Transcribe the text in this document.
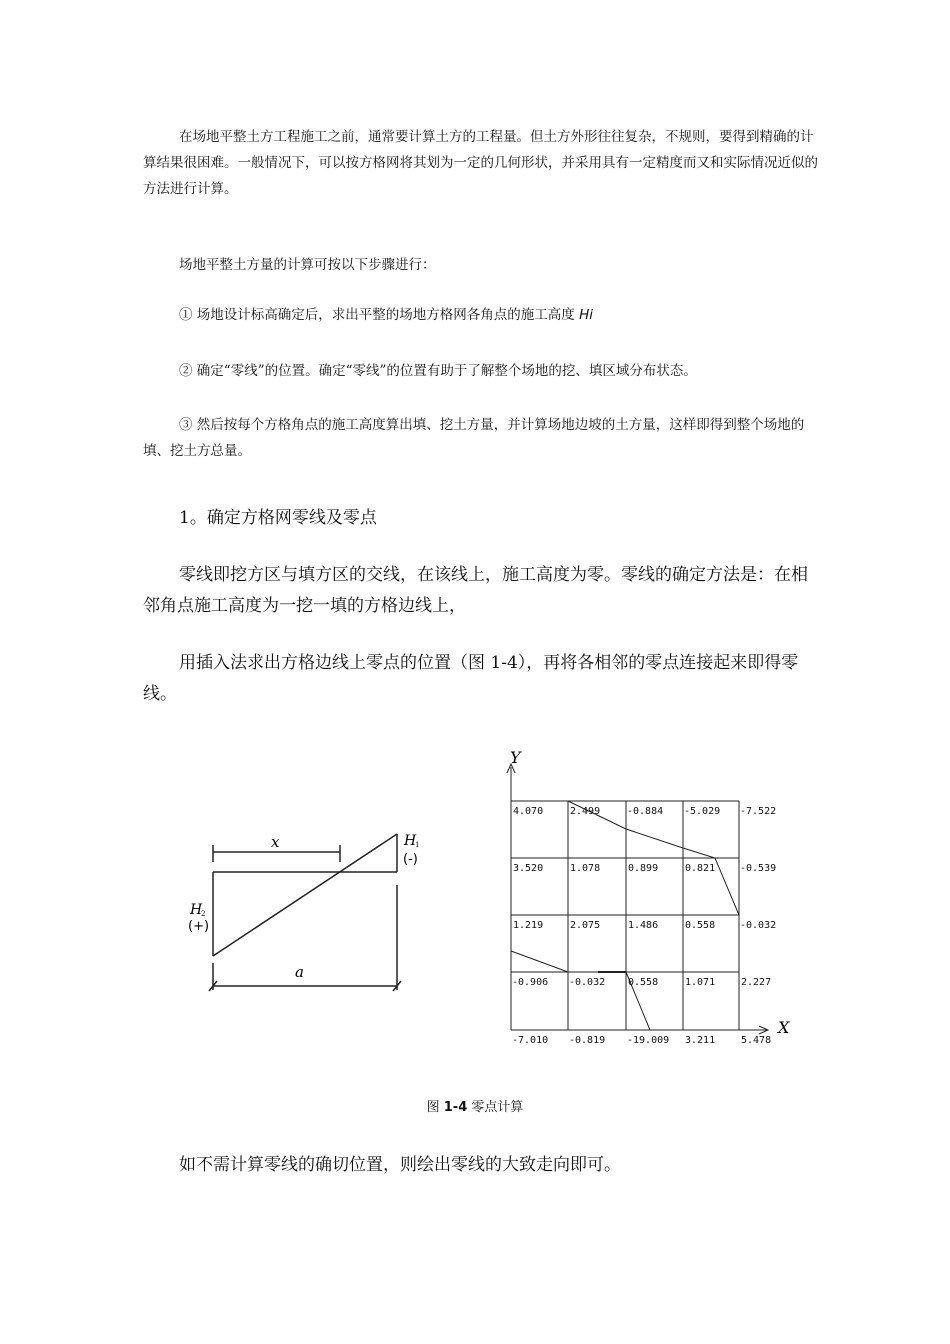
在场地平整土方工程施工之前，通常要计算土方的工程量。但土方外形往往复杂，不规则，要得到精确的计算结果很困难。一般情况下，可以按方格网将其划为一定的几何形状，并采用具有一定精度而又和实际情况近似的方法进行计算。

场地平整土方量的计算可按以下步骤进行：

① 场地设计标高确定后，求出平整的场地方格网各角点的施工高度 Hi

② 确定“零线”的位置。确定“零线”的位置有助于了解整个场地的挖、填区域分布状态。

③ 然后按每个方格角点的施工高度算出填、挖土方量，并计算场地边坡的土方量，这样即得到整个场地的填、挖土方总量。

1。确定方格网零线及零点

零线即挖方区与填方区的交线，在该线上，施工高度为零。零线的确定方法是：在相邻角点施工高度为一挖一填的方格边线上，

用插入法求出方格边线上零点的位置（图 1-4），再将各相邻的零点连接起来即得零线。

x
a
H
1
(-)
H
2
(+)
Y
X
4.070	2.499	-0.884 -5.029 -7.522
3.520	1.078	0.899	0.821 -0.539
1.219	2.075	1.486	0.558 -0.032
-0.906 -0.032 0.558	1.071	2.227
-7.010 -0.819 -19.009 3.211	5.478
图 1-4 零点计算

如不需计算零线的确切位置，则绘出零线的大致走向即可。
